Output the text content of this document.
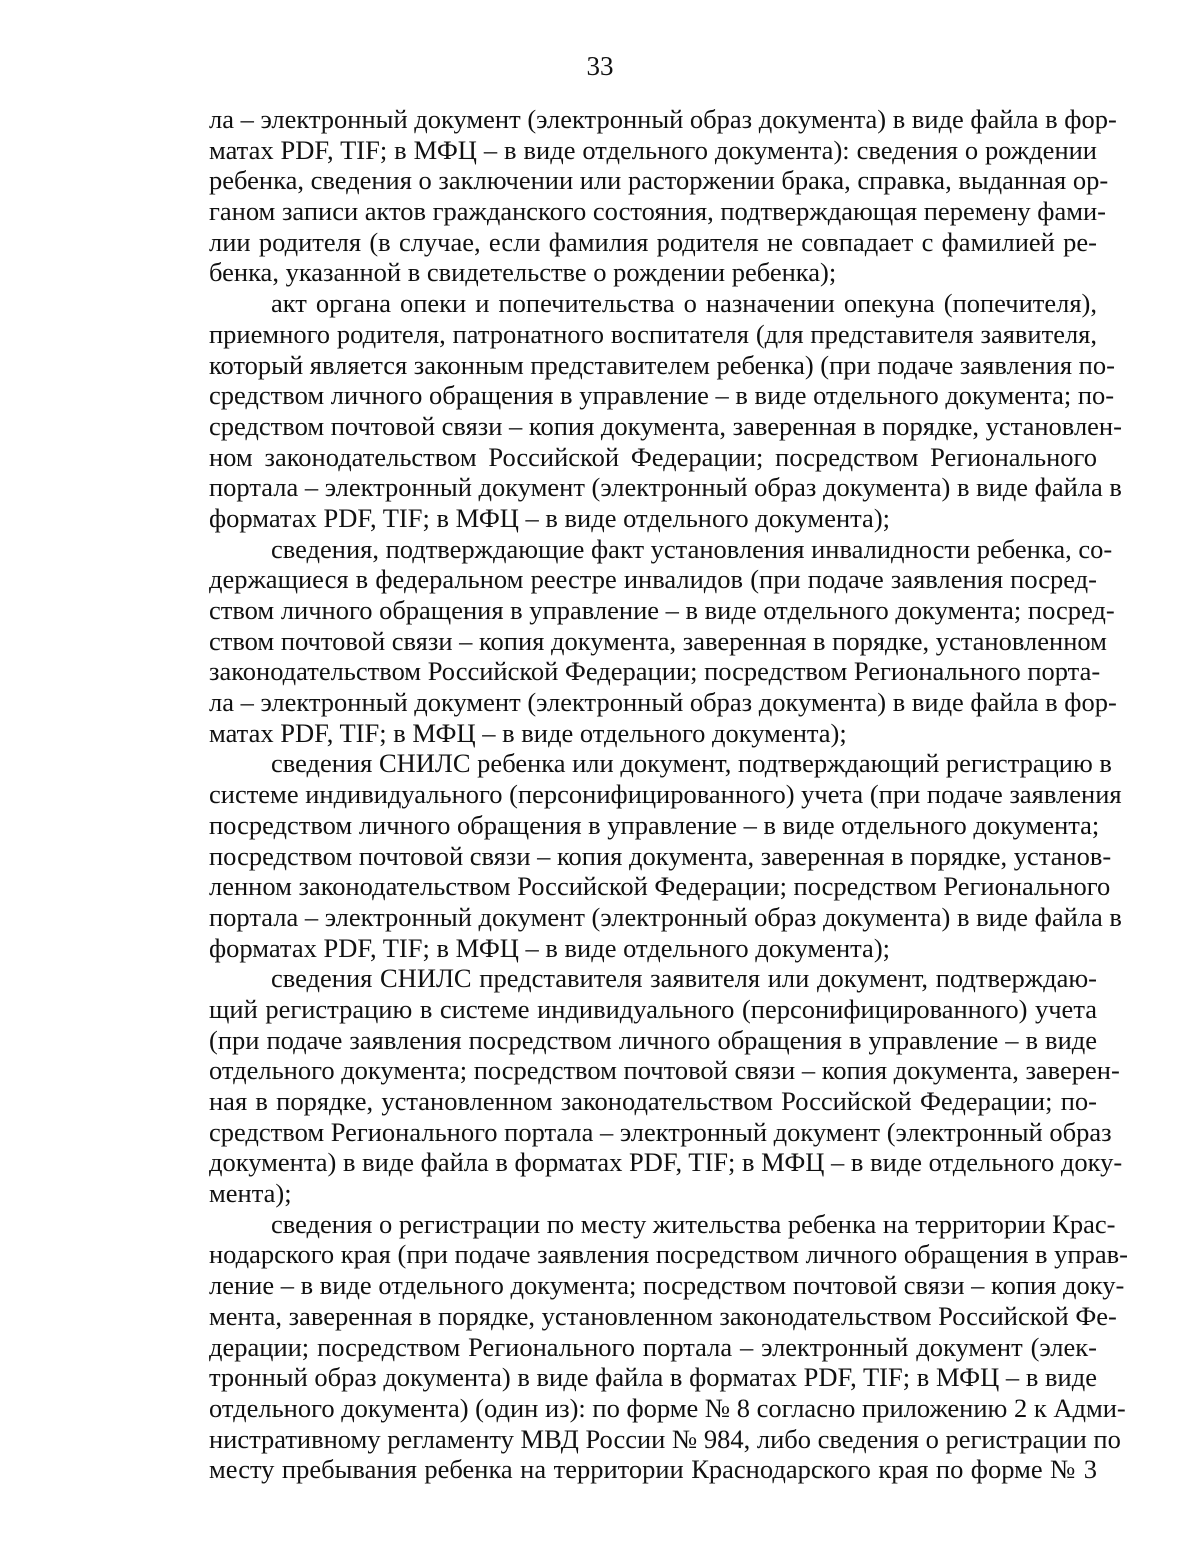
33
ла – электронный документ (электронный образ документа) в виде файла в фор-
матах PDF, TIF; в МФЦ – в виде отдельного документа): сведения о рождении
ребенка, сведения о заключении или расторжении брака, справка, выданная ор-
ганом записи актов гражданского состояния, подтверждающая перемену фами-
лии родителя (в случае, если фамилия родителя не совпадает с фамилией ре-
бенка, указанной в свидетельстве о рождении ребенка);
акт органа опеки и попечительства о назначении опекуна (попечителя),
приемного родителя, патронатного воспитателя (для представителя заявителя,
который является законным представителем ребенка) (при подаче заявления по-
средством личного обращения в управление – в виде отдельного документа; по-
средством почтовой связи – копия документа, заверенная в порядке, установлен-
ном законодательством Российской Федерации; посредством Регионального
портала – электронный документ (электронный образ документа) в виде файла в
форматах PDF, TIF; в МФЦ – в виде отдельного документа);
сведения, подтверждающие факт установления инвалидности ребенка, со-
держащиеся в федеральном реестре инвалидов (при подаче заявления посред-
ством личного обращения в управление – в виде отдельного документа; посред-
ством почтовой связи – копия документа, заверенная в порядке, установленном
законодательством Российской Федерации; посредством Регионального порта-
ла – электронный документ (электронный образ документа) в виде файла в фор-
матах PDF, TIF; в МФЦ – в виде отдельного документа);
сведения СНИЛС ребенка или документ, подтверждающий регистрацию в
системе индивидуального (персонифицированного) учета (при подаче заявления
посредством личного обращения в управление – в виде отдельного документа;
посредством почтовой связи – копия документа, заверенная в порядке, установ-
ленном законодательством Российской Федерации; посредством Регионального
портала – электронный документ (электронный образ документа) в виде файла в
форматах PDF, TIF; в МФЦ – в виде отдельного документа);
сведения СНИЛС представителя заявителя или документ, подтверждаю-
щий регистрацию в системе индивидуального (персонифицированного) учета
(при подаче заявления посредством личного обращения в управление – в виде
отдельного документа; посредством почтовой связи – копия документа, заверен-
ная в порядке, установленном законодательством Российской Федерации; по-
средством Регионального портала – электронный документ (электронный образ
документа) в виде файла в форматах PDF, TIF; в МФЦ – в виде отдельного доку-
мента);
сведения о регистрации по месту жительства ребенка на территории Крас-
нодарского края (при подаче заявления посредством личного обращения в управ-
ление – в виде отдельного документа; посредством почтовой связи – копия доку-
мента, заверенная в порядке, установленном законодательством Российской Фе-
дерации; посредством Регионального портала – электронный документ (элек-
тронный образ документа) в виде файла в форматах PDF, TIF; в МФЦ – в виде
отдельного документа) (один из): по форме № 8 согласно приложению 2 к Адми-
нистративному регламенту МВД России № 984, либо сведения о регистрации по
месту пребывания ребенка на территории Краснодарского края по форме № 3
